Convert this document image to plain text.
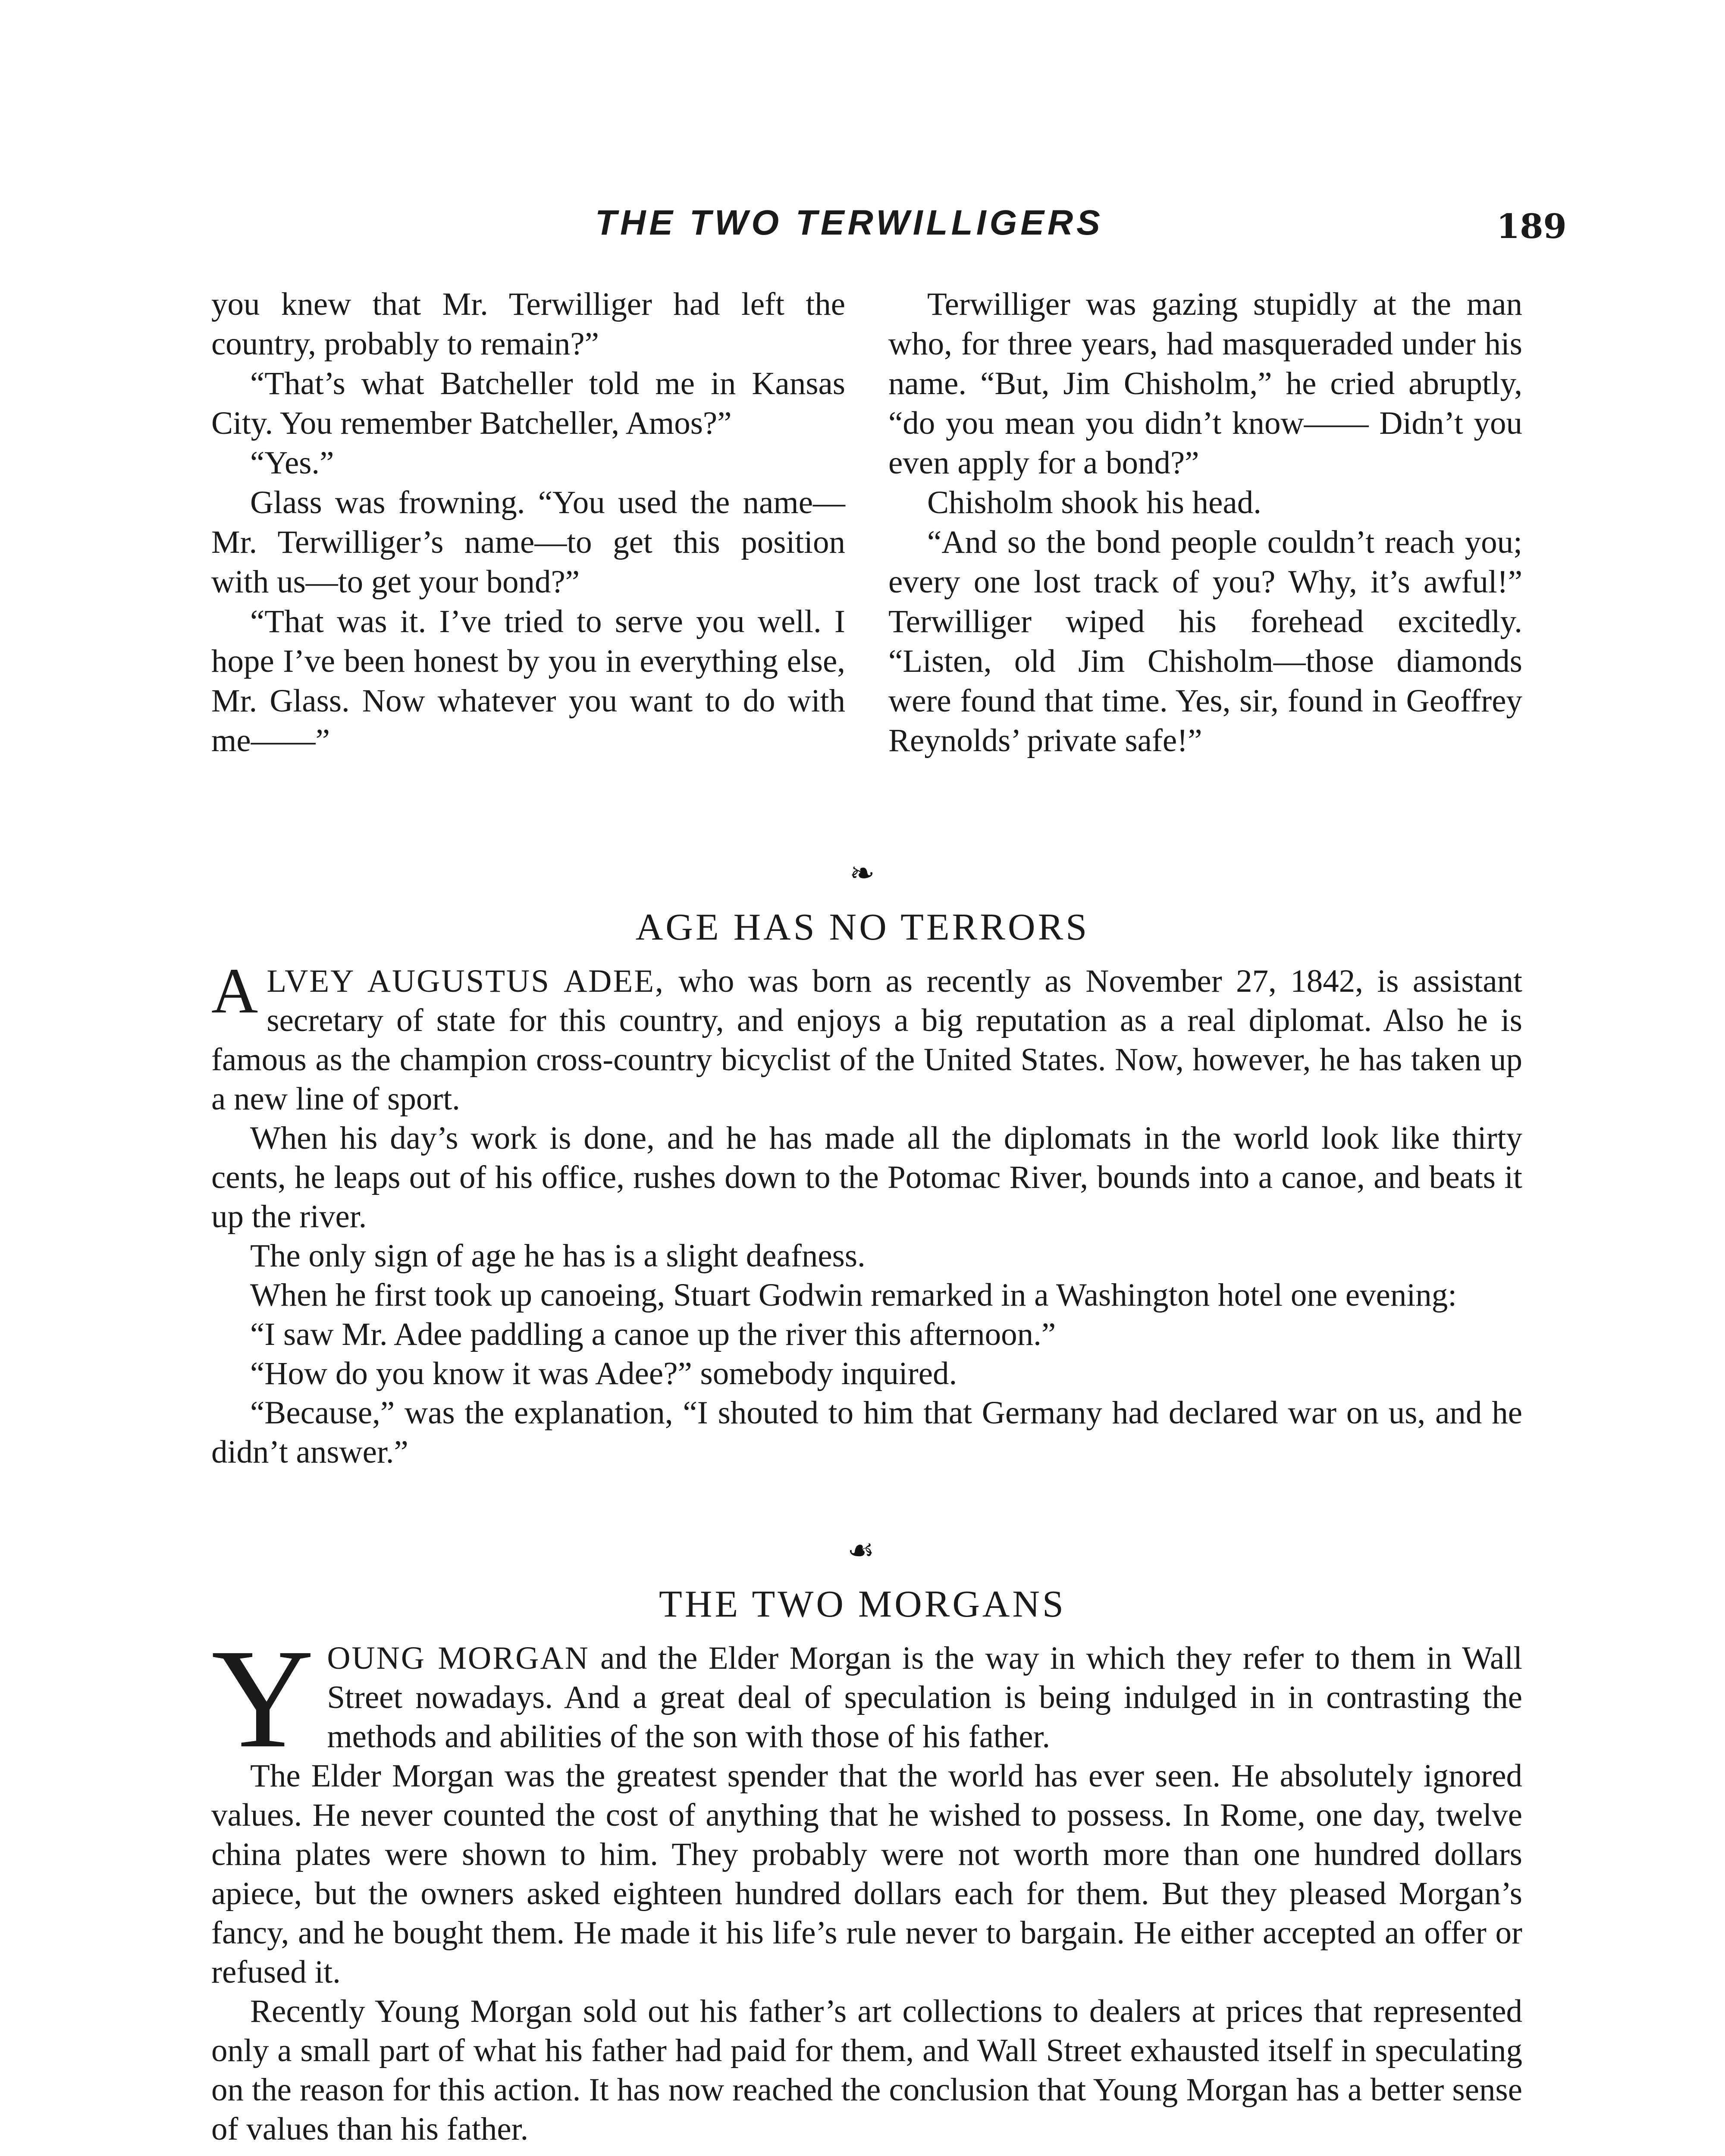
THE TWO TERWILLIGERS	189

you knew that Mr. Terwilliger had left the country, probably to remain?”

“That’s what Batcheller told me in Kansas City. You remember Batcheller, Amos?”

“Yes.”

Glass was frowning. “You used the name—Mr. Terwilliger’s name—to get this position with us—to get your bond?”

“That was it. I’ve tried to serve you well. I hope I’ve been honest by you in everything else, Mr. Glass. Now whatever you want to do with me——”

Terwilliger was gazing stupidly at the man who, for three years, had masqueraded under his name. “But, Jim Chisholm,” he cried abruptly, “do you mean you didn’t know—— Didn’t you even apply for a bond?”

Chisholm shook his head.

“And so the bond people couldn’t reach you; every one lost track of you? Why, it’s awful!” Terwilliger wiped his forehead excitedly. “Listen, old Jim Chisholm—those diamonds were found that time. Yes, sir, found in Geoffrey Reynolds’ private safe!”

❧
AGE HAS NO TERRORS

ALVEY AUGUSTUS ADEE, who was born as recently as November 27, 1842, is assistant secretary of state for this country, and enjoys a big reputation as a real diplomat. Also he is famous as the champion cross-country bicyclist of the United States. Now, however, he has taken up a new line of sport.

When his day’s work is done, and he has made all the diplomats in the world look like thirty cents, he leaps out of his office, rushes down to the Potomac River, bounds into a canoe, and beats it up the river.

The only sign of age he has is a slight deafness.

When he first took up canoeing, Stuart Godwin remarked in a Washington hotel one evening:

“I saw Mr. Adee paddling a canoe up the river this afternoon.”

“How do you know it was Adee?” somebody inquired.

“Because,” was the explanation, “I shouted to him that Germany had declared war on us, and he didn’t answer.”

☙
THE TWO MORGANS

YOUNG MORGAN and the Elder Morgan is the way in which they refer to them in Wall Street nowadays. And a great deal of speculation is being indulged in in contrasting the methods and abilities of the son with those of his father.

The Elder Morgan was the greatest spender that the world has ever seen. He absolutely ignored values. He never counted the cost of anything that he wished to possess. In Rome, one day, twelve china plates were shown to him. They probably were not worth more than one hundred dollars apiece, but the owners asked eighteen hundred dollars each for them. But they pleased Morgan’s fancy, and he bought them. He made it his life’s rule never to bargain. He either accepted an offer or refused it.

Recently Young Morgan sold out his father’s art collections to dealers at prices that represented only a small part of what his father had paid for them, and Wall Street exhausted itself in speculating on the reason for this action. It has now reached the conclusion that Young Morgan has a better sense of values than his father.
